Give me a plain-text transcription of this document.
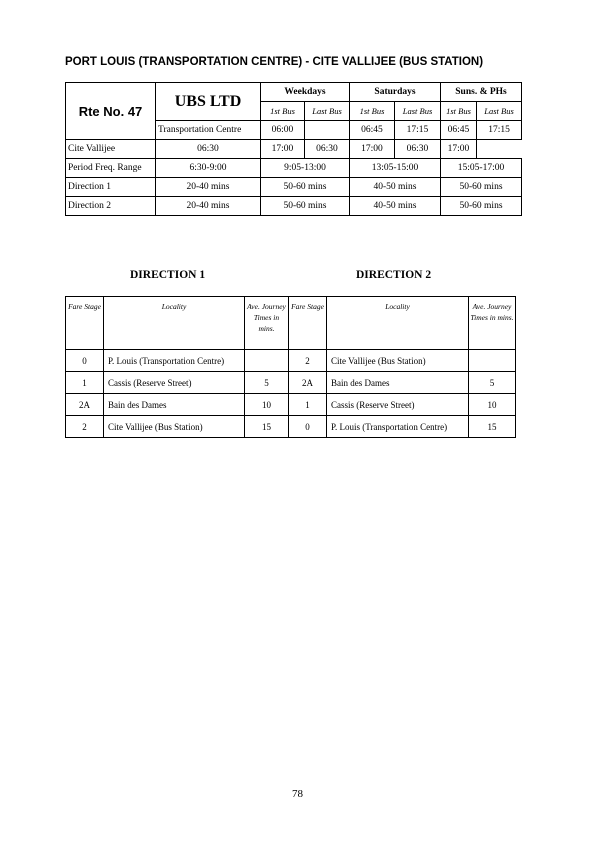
PORT LOUIS (TRANSPORTATION CENTRE) - CITE VALLIJEE (BUS STATION)
Rte No. 47	UBS LTD	Weekdays		Saturdays		Suns. & PHs	
		1st Bus	Last Bus	1st Bus	Last Bus	1st Bus	Last Bus
	Transportation Centre	06:00		06:45	17:15	06:45	17:15
Cite Vallijee	06:30	17:00	06:30	17:00	06:30	17:00	
Period Freq. Range	6:30-9:00	9:05-13:00		13:05-15:00		15:05-17:00	
Direction 1	20-40 mins	50-60 mins		40-50 mins		50-60 mins	
Direction 2	20-40 mins	50-60 mins		40-50 mins		50-60 mins	
DIRECTION 1	DIRECTION 2
Fare Stage	Locality	Ave. Journey Times in mins.	Fare Stage	Locality	Ave. Journey Times in mins.
0	P. Louis (Transportation Centre)		2	Cite Vallijee (Bus Station)	
1	Cassis (Reserve Street)	5	2A	Bain des Dames	5
2A	Bain des Dames	10	1	Cassis (Reserve Street)	10
2	Cite Vallijee (Bus Station)	15	0	P. Louis (Transportation Centre)	15
78
